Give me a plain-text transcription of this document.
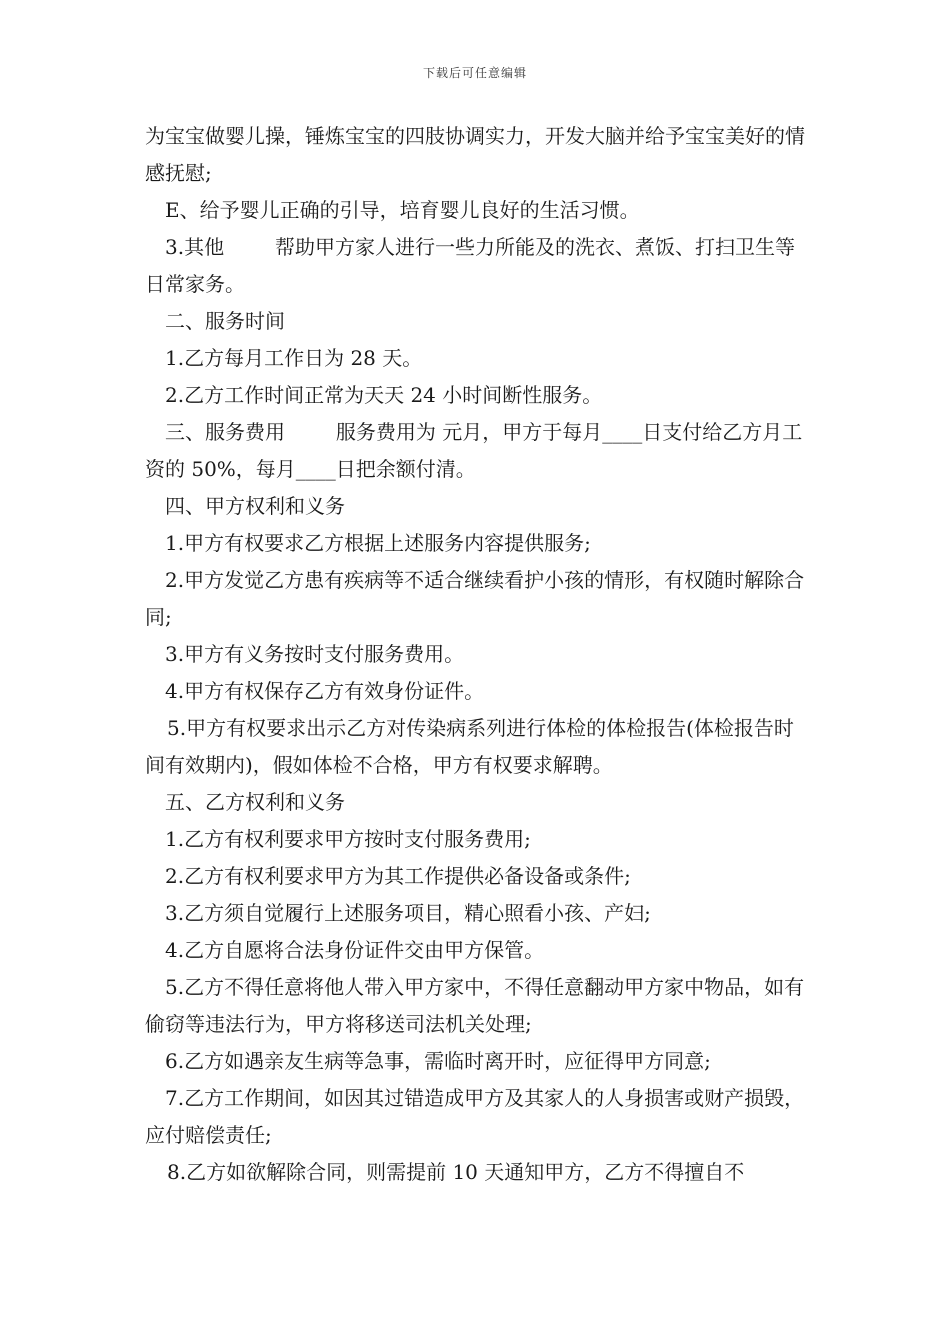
下载后可任意编辑

为宝宝做婴儿操，锤炼宝宝的四肢协调实力，开发大脑并给予宝宝美好的情感抚慰;

E、给予婴儿正确的引导，培育婴儿良好的生活习惯。

3.其他        帮助甲方家人进行一些力所能及的洗衣、煮饭、打扫卫生等日常家务。

二、服务时间

1.乙方每月工作日为 28 天。

2.乙方工作时间正常为天天 24 小时间断性服务。

三、服务费用        服务费用为 元月，甲方于每月____日支付给乙方月工资的 50%，每月____日把余额付清。

四、甲方权利和义务

1.甲方有权要求乙方根据上述服务内容提供服务;

2.甲方发觉乙方患有疾病等不适合继续看护小孩的情形，有权随时解除合同;

3.甲方有义务按时支付服务费用。

4.甲方有权保存乙方有效身份证件。

5.甲方有权要求出示乙方对传染病系列进行体检的体检报告(体检报告时间有效期内)，假如体检不合格，甲方有权要求解聘。

五、乙方权利和义务

1.乙方有权利要求甲方按时支付服务费用;

2.乙方有权利要求甲方为其工作提供必备设备或条件;

3.乙方须自觉履行上述服务项目，精心照看小孩、产妇;

4.乙方自愿将合法身份证件交由甲方保管。

5.乙方不得任意将他人带入甲方家中，不得任意翻动甲方家中物品，如有偷窃等违法行为，甲方将移送司法机关处理;

6.乙方如遇亲友生病等急事，需临时离开时，应征得甲方同意;

7.乙方工作期间，如因其过错造成甲方及其家人的人身损害或财产损毁，应付赔偿责任;

8.乙方如欲解除合同，则需提前 10 天通知甲方，乙方不得擅自不
